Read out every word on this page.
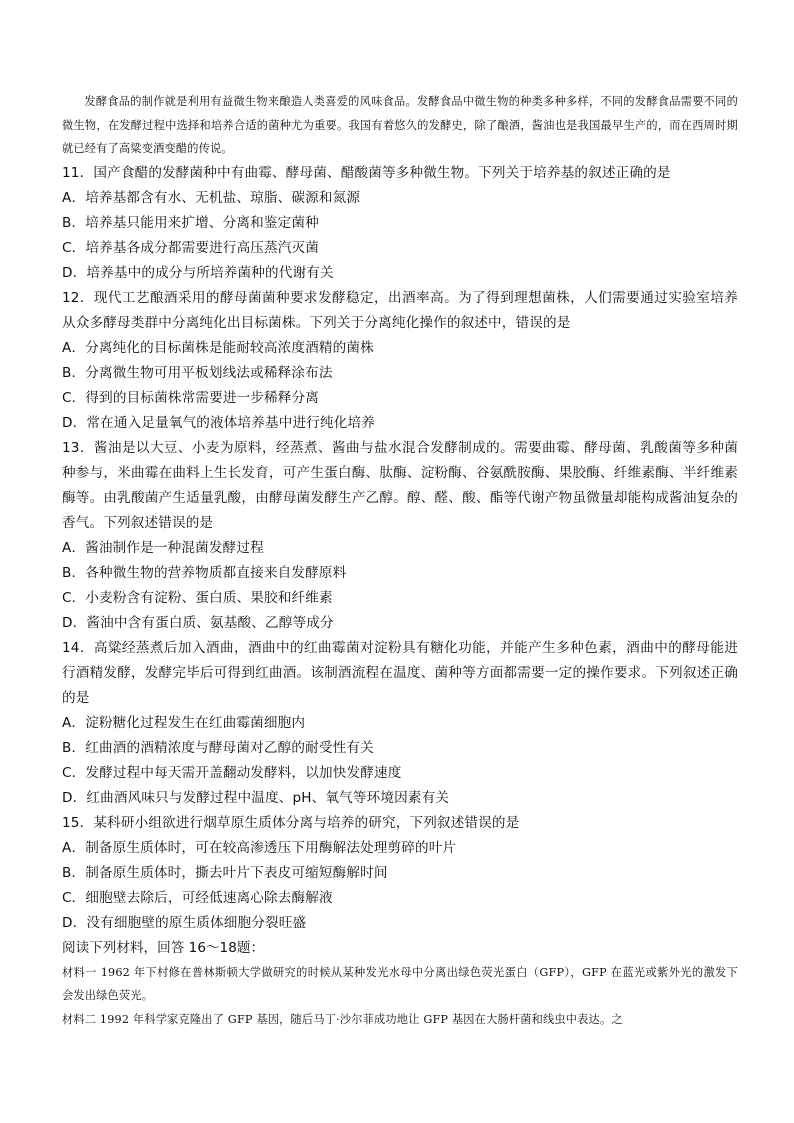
发酵食品的制作就是利用有益微生物来酿造人类喜爱的风味食品。发酵食品中微生物的种类多种多样，不同的发酵食品需要不同的微生物，在发酵过程中选择和培养合适的菌种尤为重要。我国有着悠久的发酵史，除了酿酒，酱油也是我国最早生产的，而在西周时期就已经有了高粱变酒变醋的传说。

11．国产食醋的发酵菌种中有曲霉、酵母菌、醋酸菌等多种微生物。下列关于培养基的叙述正确的是

A．培养基都含有水、无机盐、琼脂、碳源和氮源

B．培养基只能用来扩增、分离和鉴定菌种

C．培养基各成分都需要进行高压蒸汽灭菌

D．培养基中的成分与所培养菌种的代谢有关

12．现代工艺酿酒采用的酵母菌菌种要求发酵稳定，出酒率高。为了得到理想菌株，人们需要通过实验室培养从众多酵母类群中分离纯化出目标菌株。下列关于分离纯化操作的叙述中，错误的是

A．分离纯化的目标菌株是能耐较高浓度酒精的菌株

B．分离微生物可用平板划线法或稀释涂布法

C．得到的目标菌株常需要进一步稀释分离

D．常在通入足量氧气的液体培养基中进行纯化培养

13．酱油是以大豆、小麦为原料，经蒸煮、酱曲与盐水混合发酵制成的。需要曲霉、酵母菌、乳酸菌等多种菌种参与，米曲霉在曲料上生长发育，可产生蛋白酶、肽酶、淀粉酶、谷氨酰胺酶、果胶酶、纤维素酶、半纤维素酶等。由乳酸菌产生适量乳酸，由酵母菌发酵生产乙醇。醇、醛、酸、酯等代谢产物虽微量却能构成酱油复杂的香气。下列叙述错误的是

A．酱油制作是一种混菌发酵过程

B．各种微生物的营养物质都直接来自发酵原料

C．小麦粉含有淀粉、蛋白质、果胶和纤维素

D．酱油中含有蛋白质、氨基酸、乙醇等成分

14．高粱经蒸煮后加入酒曲，酒曲中的红曲霉菌对淀粉具有糖化功能，并能产生多种色素，酒曲中的酵母能进行酒精发酵，发酵完毕后可得到红曲酒。该制酒流程在温度、菌种等方面都需要一定的操作要求。下列叙述正确的是

A．淀粉糖化过程发生在红曲霉菌细胞内

B．红曲酒的酒精浓度与酵母菌对乙醇的耐受性有关

C．发酵过程中每天需开盖翻动发酵料，以加快发酵速度

D．红曲酒风味只与发酵过程中温度、pH、氧气等环境因素有关

15．某科研小组欲进行烟草原生质体分离与培养的研究，下列叙述错误的是

A．制备原生质体时，可在较高渗透压下用酶解法处理剪碎的叶片

B．制备原生质体时，撕去叶片下表皮可缩短酶解时间

C．细胞壁去除后，可经低速离心除去酶解液

D．没有细胞壁的原生质体细胞分裂旺盛

阅读下列材料，回答 16～18题：

材料一 1962 年下村修在普林斯顿大学做研究的时候从某种发光水母中分离出绿色荧光蛋白（GFP），GFP 在蓝光或紫外光的激发下会发出绿色荧光。

材料二 1992 年科学家克隆出了 GFP 基因，随后马丁·沙尔菲成功地让 GFP 基因在大肠杆菌和线虫中表达。之
